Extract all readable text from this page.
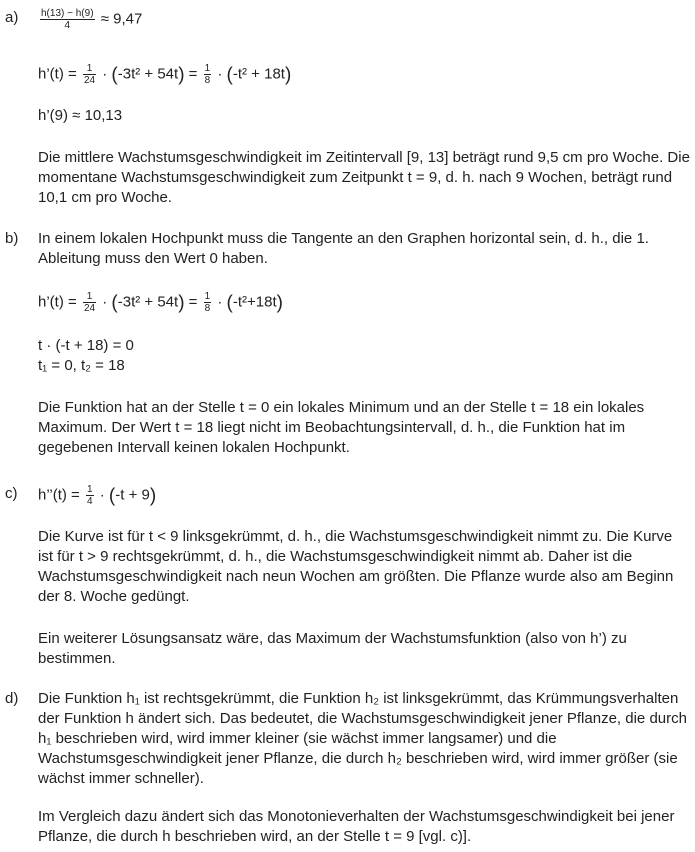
$a) \frac{h(13) - h(9)}{4} \approx 9,47$
h’(t) = $\frac{1}{24} \cdot (-3t^2 + 54t) = \frac{1}{8} \cdot (-t^2 + 18t)$
h’(9) ≈ 10,13

Die mittlere Wachstumsgeschwindigkeit im Zeitintervall [9, 13] beträgt rund 9,5 cm pro Woche. Die momentane Wachstumsgeschwindigkeit zum Zeitpunkt t = 9, d. h. nach 9 Wochen, beträgt rund 10,1 cm pro Woche.

b) In einem lokalen Hochpunkt muss die Tangente an den Graphen horizontal sein, d. h., die 1. Ableitung muss den Wert 0 haben.

h’(t) = $\frac{1}{24} \cdot (-3t^2 + 54t) = \frac{1}{8} \cdot (-t^2+18t)$
t · (-t + 18) = 0
t₁ = 0, t₂ = 18

Die Funktion hat an der Stelle t = 0 ein lokales Minimum und an der Stelle t = 18 ein lokales Maximum. Der Wert t = 18 liegt nicht im Beobachtungsintervall, d. h., die Funktion hat im gegebenen Intervall keinen lokalen Hochpunkt.

c) h’’(t) = $\frac{1}{4} \cdot (-t + 9)$

Die Kurve ist für t < 9 linksgekrümmt, d. h., die Wachstumsgeschwindigkeit nimmt zu. Die Kurve ist für t > 9 rechtsgekrümmt, d. h., die Wachstumsgeschwindigkeit nimmt ab. Daher ist die Wachstumsgeschwindigkeit nach neun Wochen am größten. Die Pflanze wurde also am Beginn der 8. Woche gedüngt.

Ein weiterer Lösungsansatz wäre, das Maximum der Wachstumsfunktion (also von h’) zu bestimmen.

d) Die Funktion h₁ ist rechtsgekrümmt, die Funktion h₂ ist linksgekrümmt, das Krümmungsverhalten der Funktion h ändert sich. Das bedeutet, die Wachstumsgeschwindigkeit jener Pflanze, die durch h₁ beschrieben wird, wird immer kleiner (sie wächst immer langsamer) und die Wachstumsgeschwindigkeit jener Pflanze, die durch h₂ beschrieben wird, wird immer größer (sie wächst immer schneller).

Im Vergleich dazu ändert sich das Monotonieverhalten der Wachstumsgeschwindigkeit bei jener Pflanze, die durch h beschrieben wird, an der Stelle t = 9 [vgl. c)].
